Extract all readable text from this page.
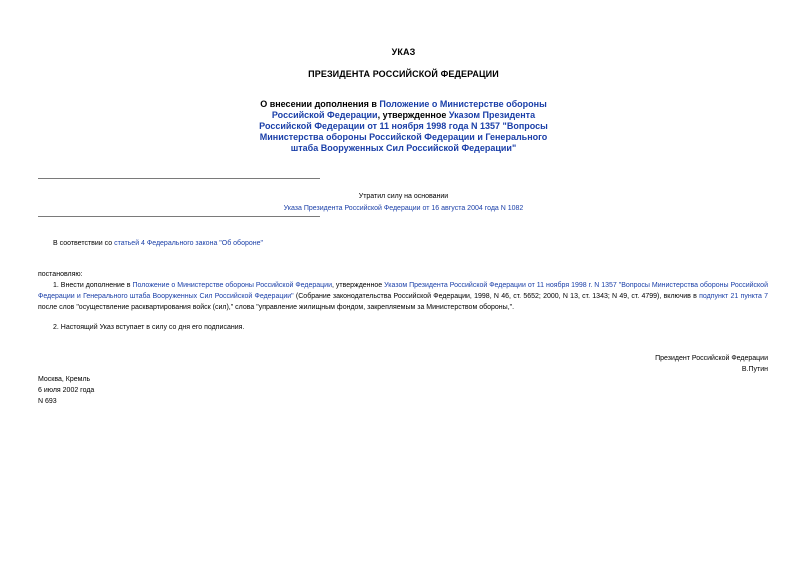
УКАЗ
ПРЕЗИДЕНТА РОССИЙСКОЙ ФЕДЕРАЦИИ
О внесении дополнения в Положение о Министерстве обороны Российской Федерации, утвержденное Указом Президента Российской Федерации от 11 ноября 1998 года N 1357 "Вопросы Министерства обороны Российской Федерации и Генерального штаба Вооруженных Сил Российской Федерации"
Утратил силу на основании
Указа Президента Российской Федерации от 16 августа 2004 года N 1082
В соответствии со статьей 4 Федерального закона "Об обороне"
постановляю:
1. Внести дополнение в Положение о Министерстве обороны Российской Федерации, утвержденное Указом Президента Российской Федерации от 11 ноября 1998 г. N 1357 "Вопросы Министерства обороны Российской Федерации и Генерального штаба Вооруженных Сил Российской Федерации" (Собрание законодательства Российской Федерации, 1998, N 46, ст. 5652; 2000, N 13, ст. 1343; N 49, ст. 4799), включив в подпункт 21 пункта 7 после слов "осуществление расквартирования войск (сил)," слова "управление жилищным фондом, закрепляемым за Министерством обороны,".
2. Настоящий Указ вступает в силу со дня его подписания.
Президент Российской Федерации
В.Путин
Москва, Кремль
6 июля 2002 года
N 693
